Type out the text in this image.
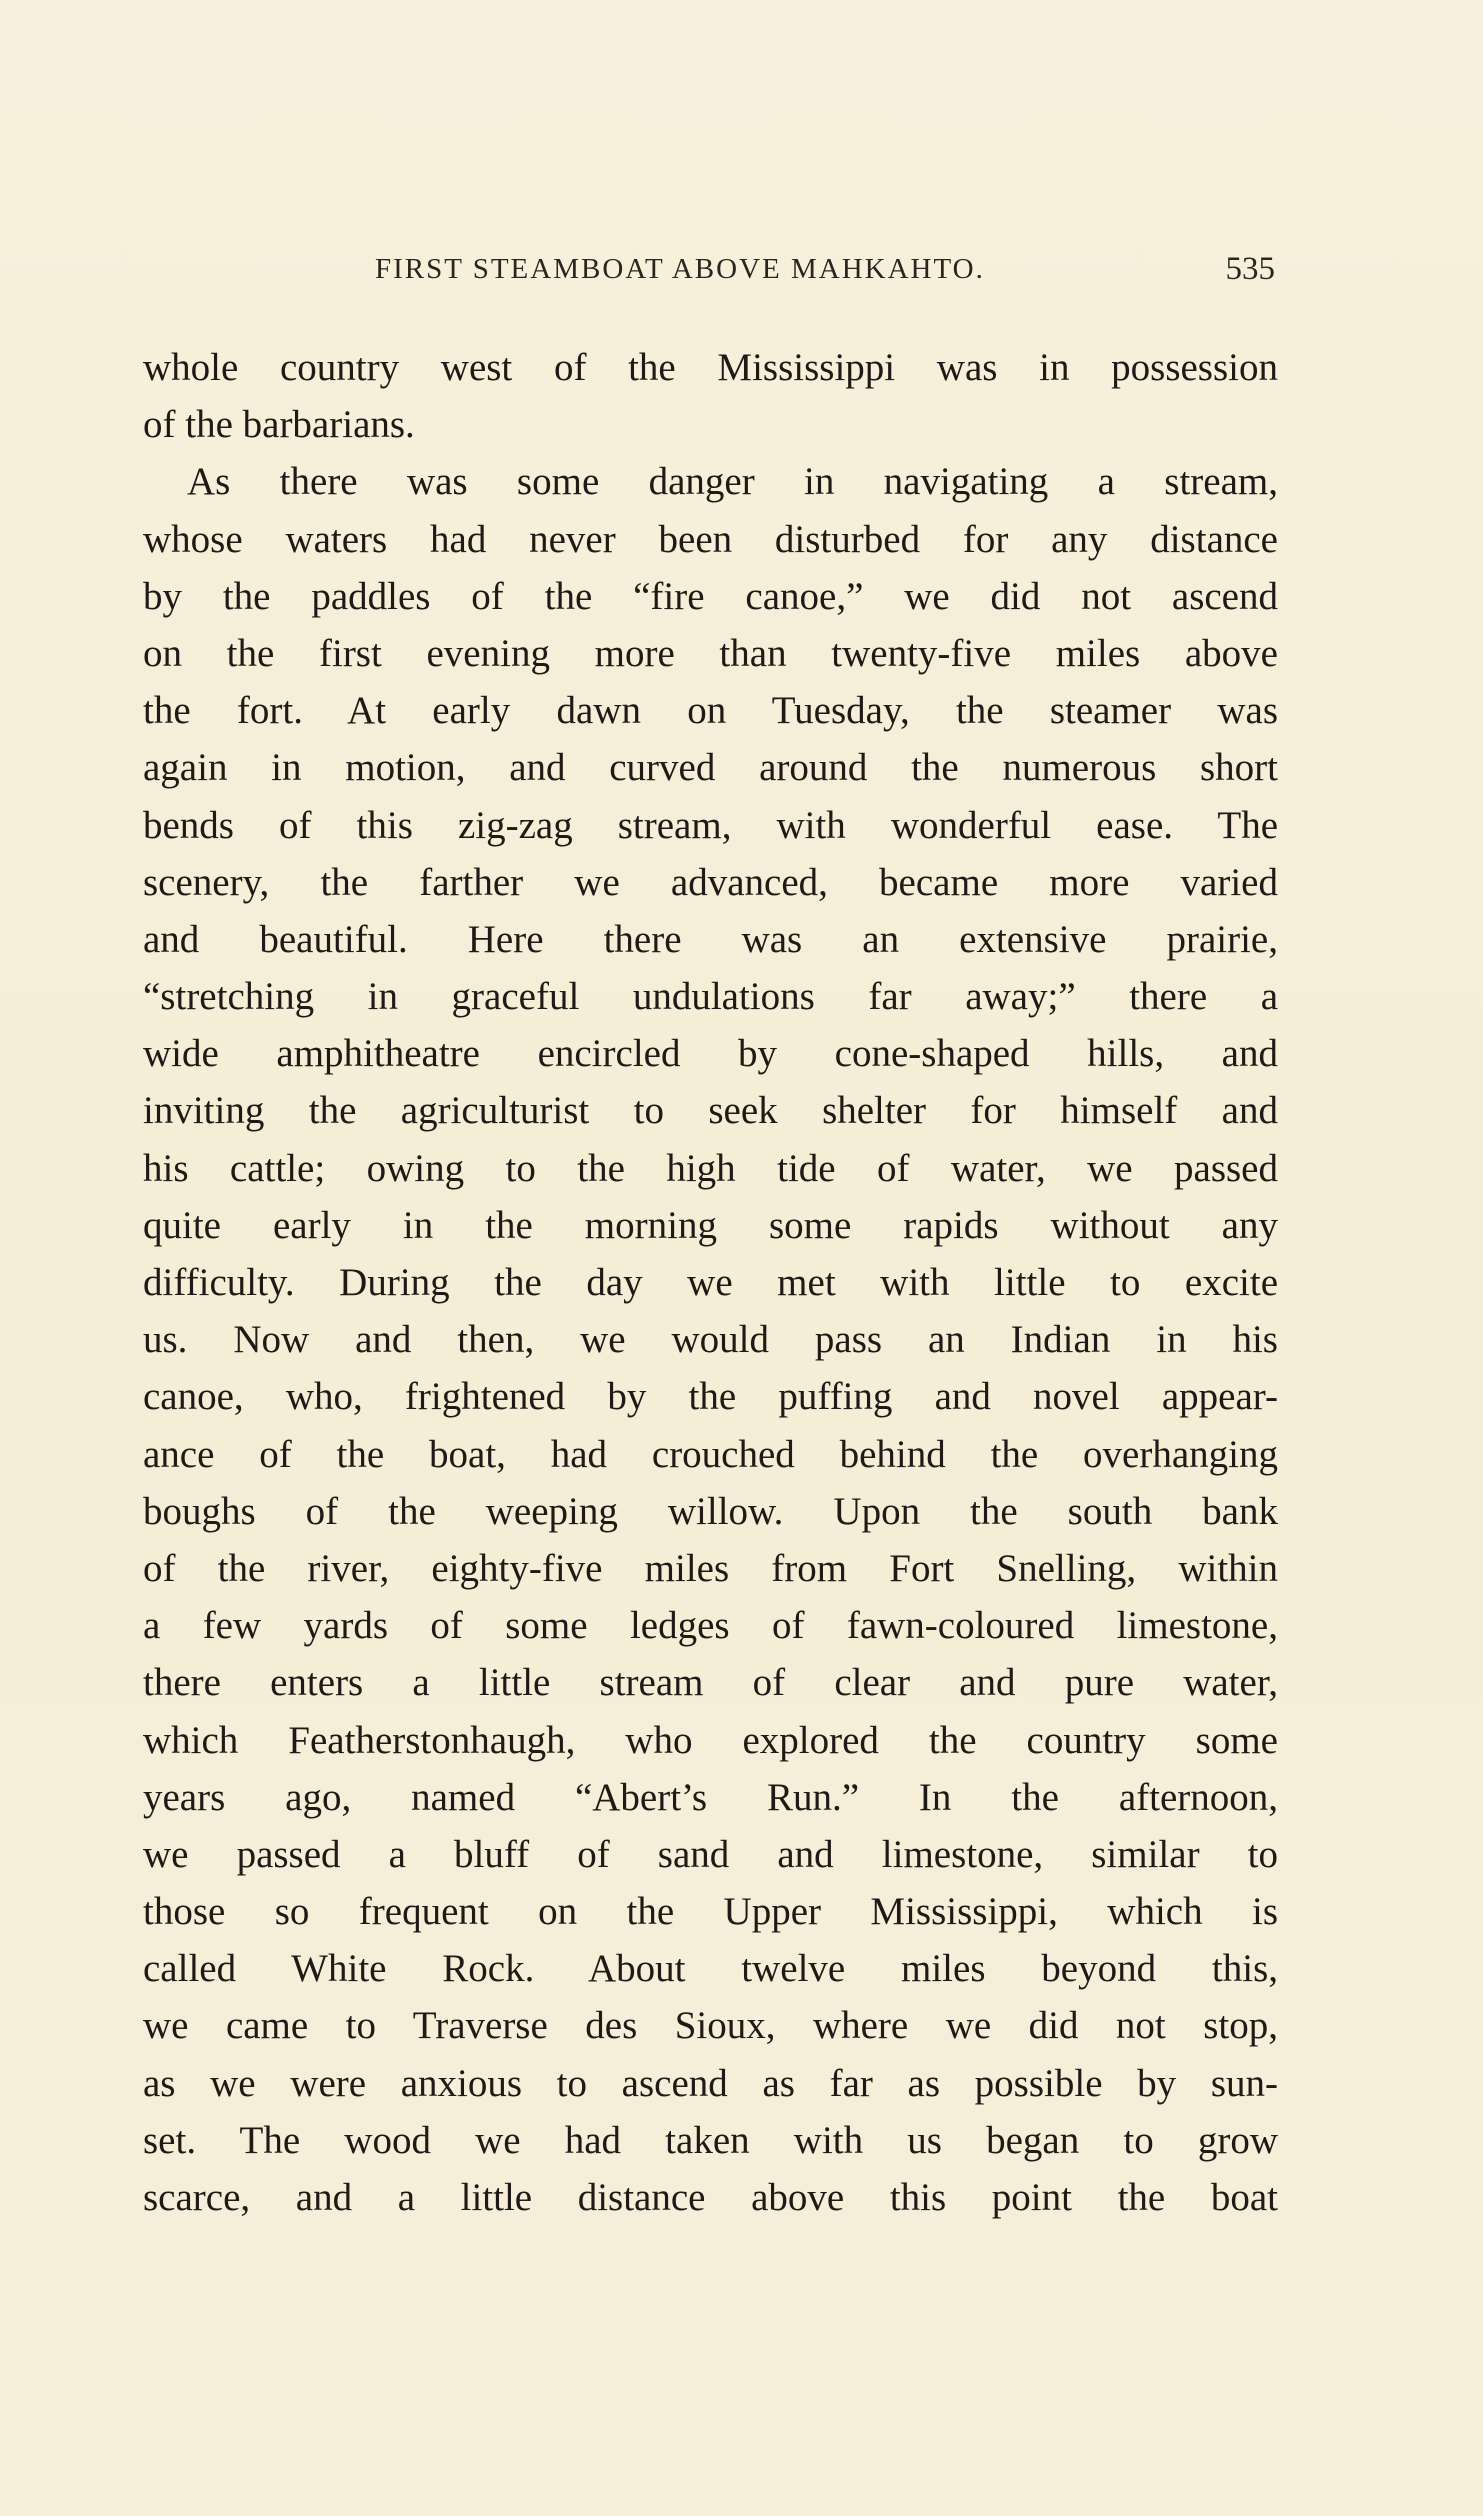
FIRST STEAMBOAT ABOVE MAHKAHTO.	535
whole country west of the Mississippi was in possession
of the barbarians.
As there was some danger in navigating a stream,
whose waters had never been disturbed for any distance
by the paddles of the “fire canoe,” we did not ascend
on the first evening more than twenty-five miles above
the fort. At early dawn on Tuesday, the steamer was
again in motion, and curved around the numerous short
bends of this zig-zag stream, with wonderful ease. The
scenery, the farther we advanced, became more varied
and beautiful. Here there was an extensive prairie,
“stretching in graceful undulations far away;” there a
wide amphitheatre encircled by cone-shaped hills, and
inviting the agriculturist to seek shelter for himself and
his cattle; owing to the high tide of water, we passed
quite early in the morning some rapids without any
difficulty. During the day we met with little to excite
us. Now and then, we would pass an Indian in his
canoe, who, frightened by the puffing and novel appear-
ance of the boat, had crouched behind the overhanging
boughs of the weeping willow. Upon the south bank
of the river, eighty-five miles from Fort Snelling, within
a few yards of some ledges of fawn-coloured limestone,
there enters a little stream of clear and pure water,
which Featherstonhaugh, who explored the country some
years ago, named “Abert’s Run.” In the afternoon,
we passed a bluff of sand and limestone, similar to
those so frequent on the Upper Mississippi, which is
called White Rock. About twelve miles beyond this,
we came to Traverse des Sioux, where we did not stop,
as we were anxious to ascend as far as possible by sun-
set. The wood we had taken with us began to grow
scarce, and a little distance above this point the boat
